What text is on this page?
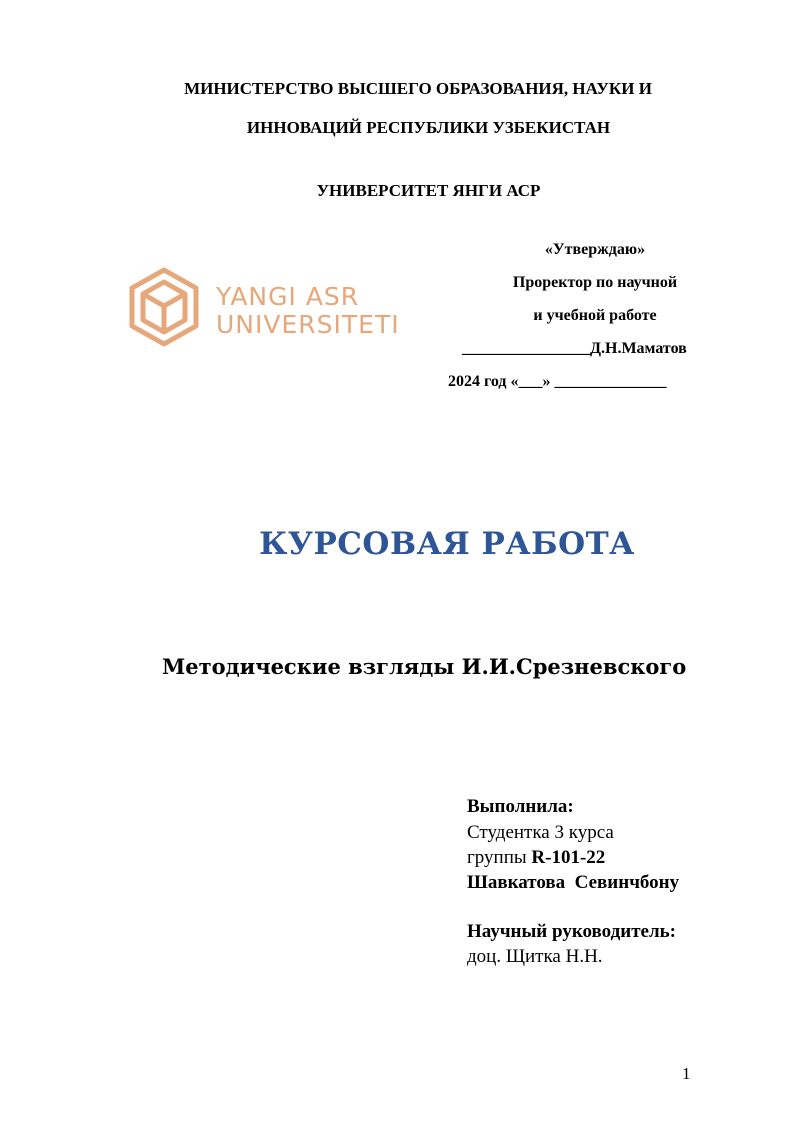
МИНИСТЕРСТВО ВЫСШЕГО ОБРАЗОВАНИЯ, НАУКИ И
ИННОВАЦИЙ РЕСПУБЛИКИ УЗБЕКИСТАН
УНИВЕРСИТЕТ ЯНГИ АСР
YANGI ASR
UNIVERSITETI
«Утверждаю»
Проректор по научной
и учебной работе
________________Д.Н.Маматов
2024 год «___» ______________
КУРСОВАЯ РАБОТА
Методические взгляды И.И.Срезневского
Выполнила:
Студентка 3 курса
группы R-101-22
Шавкатова  Севинчбону
Научный руководитель:
доц. Щитка Н.Н.
1
